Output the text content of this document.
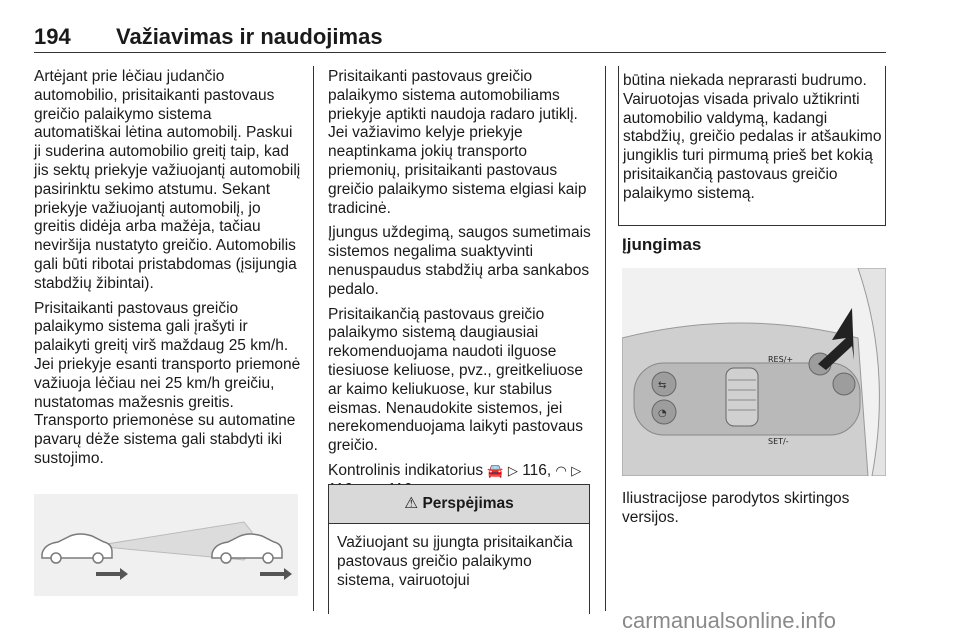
194 Važiavimas ir naudojimas

Artėjant prie lėčiau judančio automobilio, prisitaikanti pastovaus greičio palaikymo sistema automatiškai lėtina automobilį. Paskui ji suderina automobilio greitį taip, kad jis sektų priekyje važiuojantį automobilį pasirinktu sekimo atstumu. Sekant priekyje važiuojantį automobilį, jo greitis didėja arba mažėja, tačiau neviršija nustatyto greičio. Automobilis gali būti ribotai pristabdomas (įsijungia stabdžių žibintai).

Prisitaikanti pastovaus greičio palaikymo sistema gali įrašyti ir palaikyti greitį virš maždaug 25 km/h. Jei priekyje esanti transporto priemonė važiuoja lėčiau nei 25 km/h greičiu, nustatomas mažesnis greitis. Transporto priemonėse su automatine pavarų dėže sistema gali stabdyti iki sustojimo.

Prisitaikanti pastovaus greičio palaikymo sistema automobiliams priekyje aptikti naudoja radaro jutiklį. Jei važiavimo kelyje priekyje neaptinkama jokių transporto priemonių, prisitaikanti pastovaus greičio palaikymo sistema elgiasi kaip tradicinė.

Įjungus uždegimą, saugos sumetimais sistemos negalima suaktyvinti nenuspaudus stabdžių arba sankabos pedalo.

Prisitaikančią pastovaus greičio palaikymo sistemą daugiausiai rekomenduojama naudoti ilguose tiesiuose keliuose, pvz., greitkeliuose ar kaimo keliukuose, kur stabilus eismas. Nenaudokite sistemos, jei nerekomenduojama laikyti pastovaus greičio.

Kontrolinis indikatorius 🚘 ▷ 116, ◠ ▷

⚠ Perspėjimas
Važiuojant su įjungta prisitaikančia pastovaus greičio palaikymo sistema, vairuotojui
būtina niekada neprarasti budrumo. Vairuotojas visada privalo užtikrinti automobilio valdymą, kadangi stabdžių, greičio pedalas ir atšaukimo jungiklis turi pirmumą prieš bet kokią prisitaikančią pastovaus greičio palaikymo sistemą.
Įjungimas
⇆
◔
RES/+
SET/-
Iliustracijose parodytos skirtingos versijos.
carmanualsonline.info
